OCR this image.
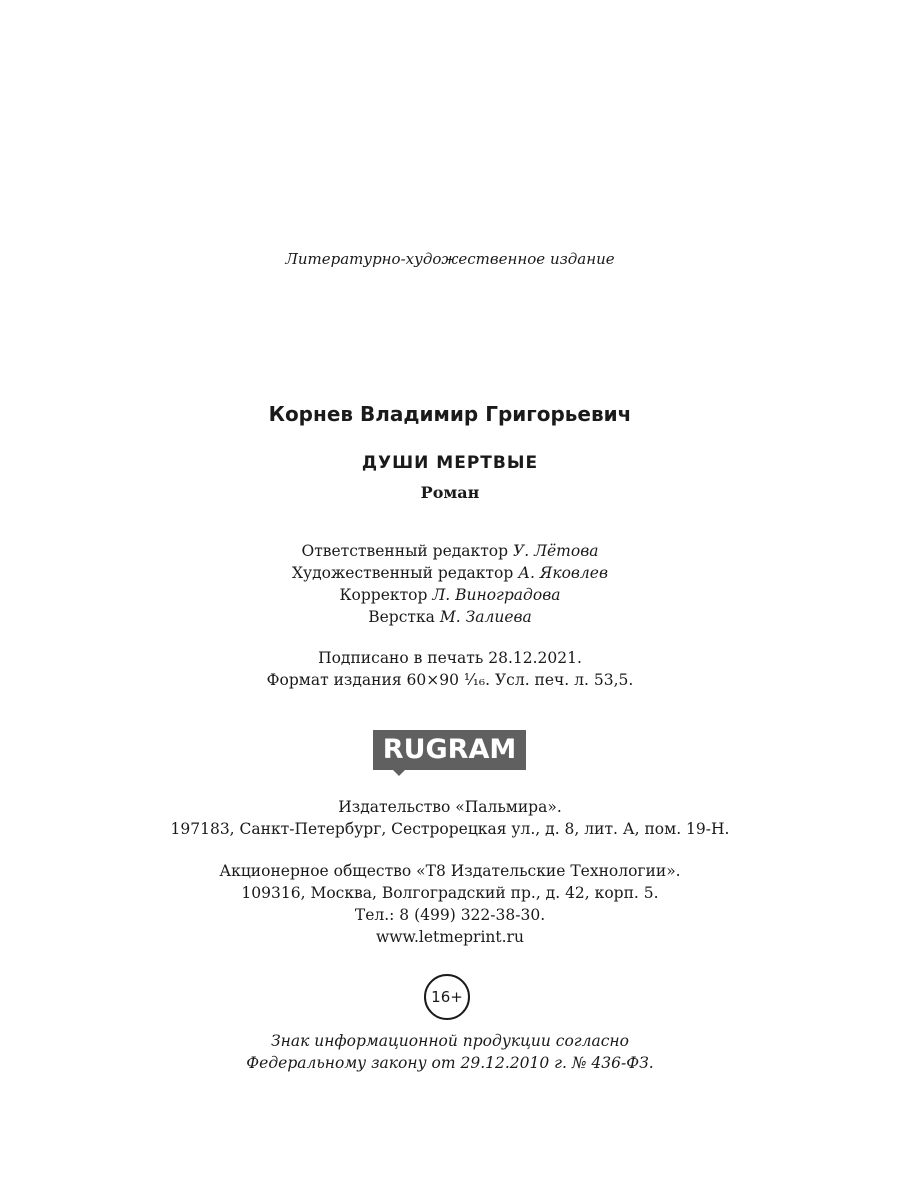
Литературно-художественное издание
Корнев Владимир Григорьевич
ДУШИ МЕРТВЫЕ
Роман
Ответственный редактор У. Лётова
Художественный редактор А. Яковлев
Корректор Л. Виноградова
Верстка М. Залиева
Подписано в печать 28.12.2021.
Формат издания 60×90 ¹⁄₁₆. Усл. печ. л. 53,5.
RUGRAM
Издательство «Пальмира».
197183, Санкт-Петербург, Сестрорецкая ул., д. 8, лит. А, пом. 19-Н.
Акционерное общество «Т8 Издательские Технологии».
109316, Москва, Волгоградский пр., д. 42, корп. 5.
Тел.: 8 (499) 322-38-30.
www.letmeprint.ru
16+
Знак информационной продукции согласно
Федеральному закону от 29.12.2010 г. № 436-ФЗ.
